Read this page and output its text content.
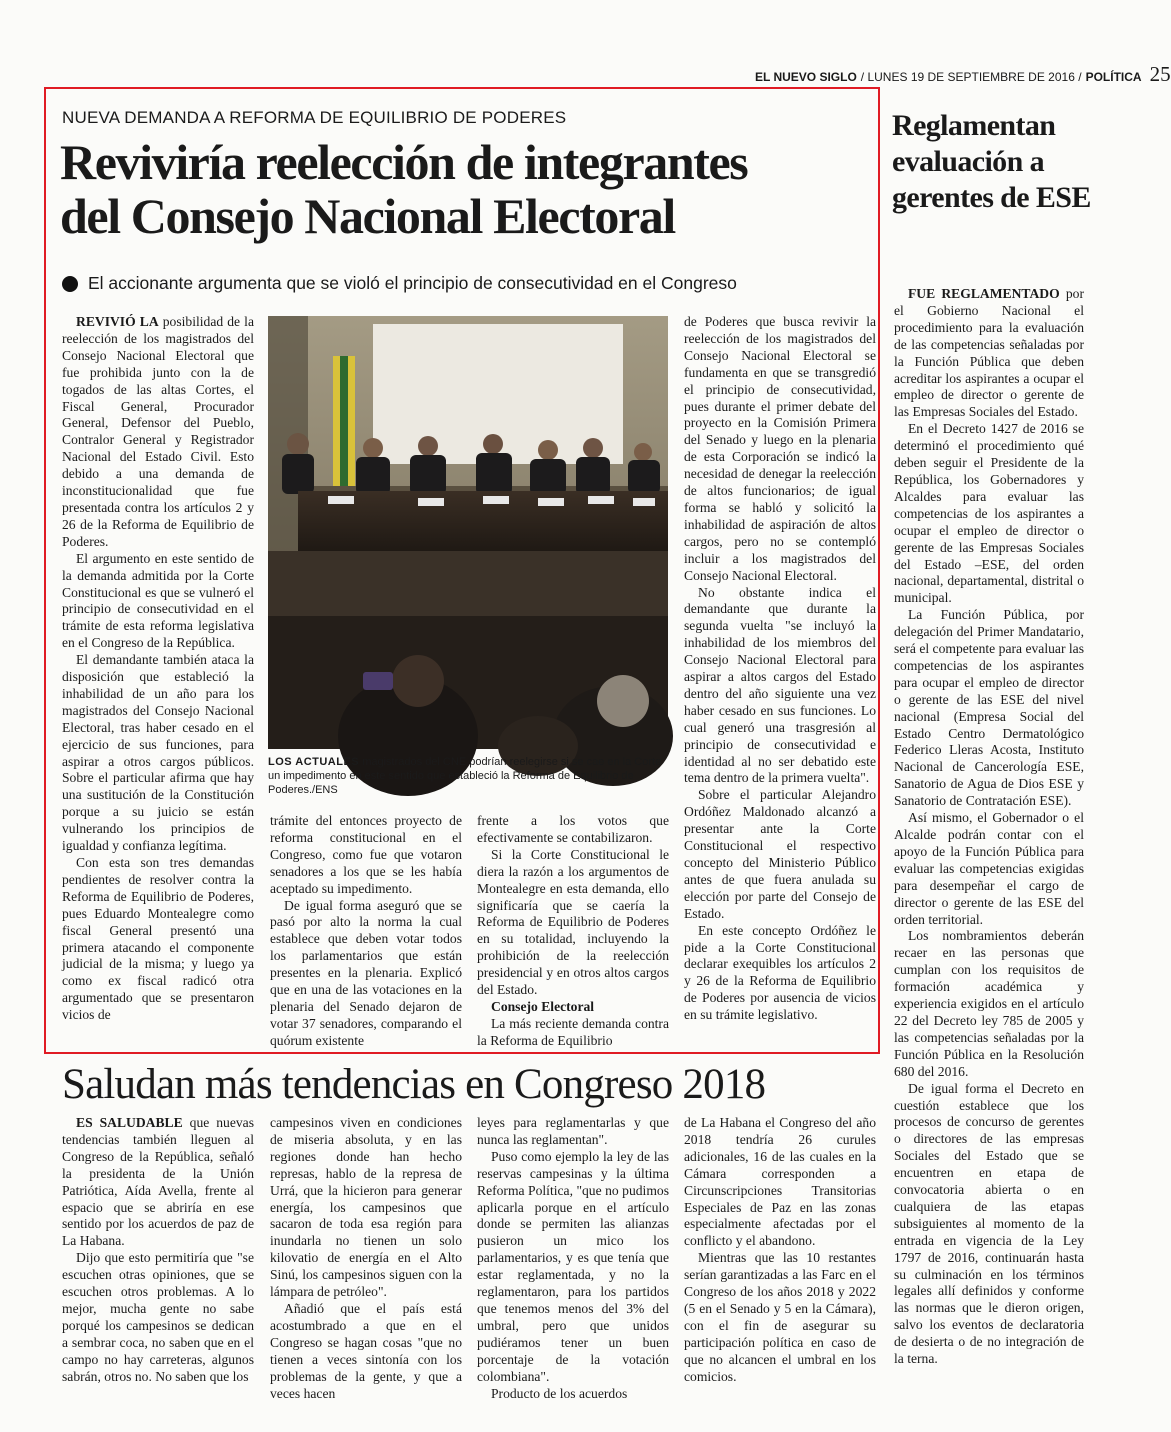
EL NUEVO SIGLO / LUNES 19 DE SEPTIEMBRE DE 2016 / POLÍTICA 25
NUEVA DEMANDA A REFORMA DE EQUILIBRIO DE PODERES
Reviviría reelección de integrantes
del Consejo Nacional Electoral
El accionante argumenta que se violó el principio de consecutividad en el Congreso

REVIVIÓ LA posibilidad de la reelección de los magistrados del Consejo Nacional Electoral que fue prohibida junto con la de togados de las altas Cortes, el Fiscal General, Procurador General, Defensor del Pueblo, Contralor General y Registrador Nacional del Estado Civil. Esto debido a una demanda de inconstitucionalidad que fue presentada contra los artículos 2 y 26 de la Reforma de Equilibrio de Poderes.

El argumento en este sentido de la demanda admitida por la Corte Constitucional es que se vulneró el principio de consecutividad en el trámite de esta reforma legislativa en el Congreso de la República.

El demandante también ataca la disposición que estableció la inhabilidad de un año para los magistrados del Consejo Nacional Electoral, tras haber cesado en el ejercicio de sus funciones, para aspirar a otros cargos públicos. Sobre el particular afirma que hay una sustitución de la Constitución porque a su juicio se están vulnerando los principios de igualdad y confianza legítima.

Con esta son tres demandas pendientes de resolver contra la Reforma de Equilibrio de Poderes, pues Eduardo Montealegre como fiscal General presentó una primera atacando el componente judicial de la misma; y luego ya como ex fiscal radicó otra argumentado que se presentaron vicios de

LOS ACTUALES magistrados del CNE podrían reelegirse si se cae en la Corte un impedimento en este sentido que estableció la Reforma de Equilibrio de Poderes./ENS

trámite del entonces proyecto de reforma constitucional en el Congreso, como fue que votaron senadores a los que se les había aceptado su impedimento.

De igual forma aseguró que se pasó por alto la norma la cual establece que deben votar todos los parlamentarios que están presentes en la plenaria. Explicó que en una de las votaciones en la plenaria del Senado dejaron de votar 37 senadores, comparando el quórum existente

frente a los votos que efectivamente se contabilizaron.

Si la Corte Constitucional le diera la razón a los argumentos de Montealegre en esta demanda, ello significaría que se caería la Reforma de Equilibrio de Poderes en su totalidad, incluyendo la prohibición de la reelección presidencial y en otros altos cargos del Estado.

Consejo Electoral

La más reciente demanda contra la Reforma de Equilibrio

de Poderes que busca revivir la reelección de los magistrados del Consejo Nacional Electoral se fundamenta en que se transgredió el principio de consecutividad, pues durante el primer debate del proyecto en la Comisión Primera del Senado y luego en la plenaria de esta Corporación se indicó la necesidad de denegar la reelección de altos funcionarios; de igual forma se habló y solicitó la inhabilidad de aspiración de altos cargos, pero no se contempló incluir a los magistrados del Consejo Nacional Electoral.

No obstante indica el demandante que durante la segunda vuelta "se incluyó la inhabilidad de los miembros del Consejo Nacional Electoral para aspirar a altos cargos del Estado dentro del año siguiente una vez haber cesado en sus funciones. Lo cual generó una trasgresión al principio de consecutividad e identidad al no ser debatido este tema dentro de la primera vuelta".

Sobre el particular Alejandro Ordóñez Maldonado alcanzó a presentar ante la Corte Constitucional el respectivo concepto del Ministerio Público antes de que fuera anulada su elección por parte del Consejo de Estado.

En este concepto Ordóñez le pide a la Corte Constitucional declarar exequibles los artículos 2 y 26 de la Reforma de Equilibrio de Poderes por ausencia de vicios en su trámite legislativo.

Reglamentan evaluación a gerentes de ESE

FUE REGLAMENTADO por el Gobierno Nacional el procedimiento para la evaluación de las competencias señaladas por la Función Pública que deben acreditar los aspirantes a ocupar el empleo de director o gerente de las Empresas Sociales del Estado.

En el Decreto 1427 de 2016 se determinó el procedimiento qué deben seguir el Presidente de la República, los Gobernadores y Alcaldes para evaluar las competencias de los aspirantes a ocupar el empleo de director o gerente de las Empresas Sociales del Estado –ESE, del orden nacional, departamental, distrital o municipal.

La Función Pública, por delegación del Primer Mandatario, será el competente para evaluar las competencias de los aspirantes para ocupar el empleo de director o gerente de las ESE del nivel nacional (Empresa Social del Estado Centro Dermatológico Federico Lleras Acosta, Instituto Nacional de Cancerología ESE, Sanatorio de Agua de Dios ESE y Sanatorio de Contratación ESE).

Así mismo, el Gobernador o el Alcalde podrán contar con el apoyo de la Función Pública para evaluar las competencias exigidas para desempeñar el cargo de director o gerente de las ESE del orden territorial.

Los nombramientos deberán recaer en las personas que cumplan con los requisitos de formación académica y experiencia exigidos en el artículo 22 del Decreto ley 785 de 2005 y las competencias señaladas por la Función Pública en la Resolución 680 del 2016.

De igual forma el Decreto en cuestión establece que los procesos de concurso de gerentes o directores de las empresas Sociales del Estado que se encuentren en etapa de convocatoria abierta o en cualquiera de las etapas subsiguientes al momento de la entrada en vigencia de la Ley 1797 de 2016, continuarán hasta su culminación en los términos legales allí definidos y conforme las normas que le dieron origen, salvo los eventos de declaratoria de desierta o de no integración de la terna.

Saludan más tendencias en Congreso 2018

ES SALUDABLE que nuevas tendencias también lleguen al Congreso de la República, señaló la presidenta de la Unión Patriótica, Aída Avella, frente al espacio que se abriría en ese sentido por los acuerdos de paz de La Habana.

Dijo que esto permitiría que "se escuchen otras opiniones, que se escuchen otros problemas. A lo mejor, mucha gente no sabe porqué los campesinos se dedican a sembrar coca, no saben que en el campo no hay carreteras, algunos sabrán, otros no. No saben que los

campesinos viven en condiciones de miseria absoluta, y en las regiones donde han hecho represas, hablo de la represa de Urrá, que la hicieron para generar energía, los campesinos que sacaron de toda esa región para inundarla no tienen un solo kilovatio de energía en el Alto Sinú, los campesinos siguen con la lámpara de petróleo".

Añadió que el país está acostumbrado a que en el Congreso se hagan cosas "que no tienen a veces sintonía con los problemas de la gente, y que a veces hacen

leyes para reglamentarlas y que nunca las reglamentan".

Puso como ejemplo la ley de las reservas campesinas y la última Reforma Política, "que no pudimos aplicarla porque en el artículo donde se permiten las alianzas pusieron un mico los parlamentarios, y es que tenía que estar reglamentada, y no la reglamentaron, para los partidos que tenemos menos del 3% del umbral, pero que unidos pudiéramos tener un buen porcentaje de la votación colombiana".

Producto de los acuerdos

de La Habana el Congreso del año 2018 tendría 26 curules adicionales, 16 de las cuales en la Cámara corresponden a Circunscripciones Transitorias Especiales de Paz en las zonas especialmente afectadas por el conflicto y el abandono.

Mientras que las 10 restantes serían garantizadas a las Farc en el Congreso de los años 2018 y 2022 (5 en el Senado y 5 en la Cámara), con el fin de asegurar su participación política en caso de que no alcancen el umbral en los comicios.
